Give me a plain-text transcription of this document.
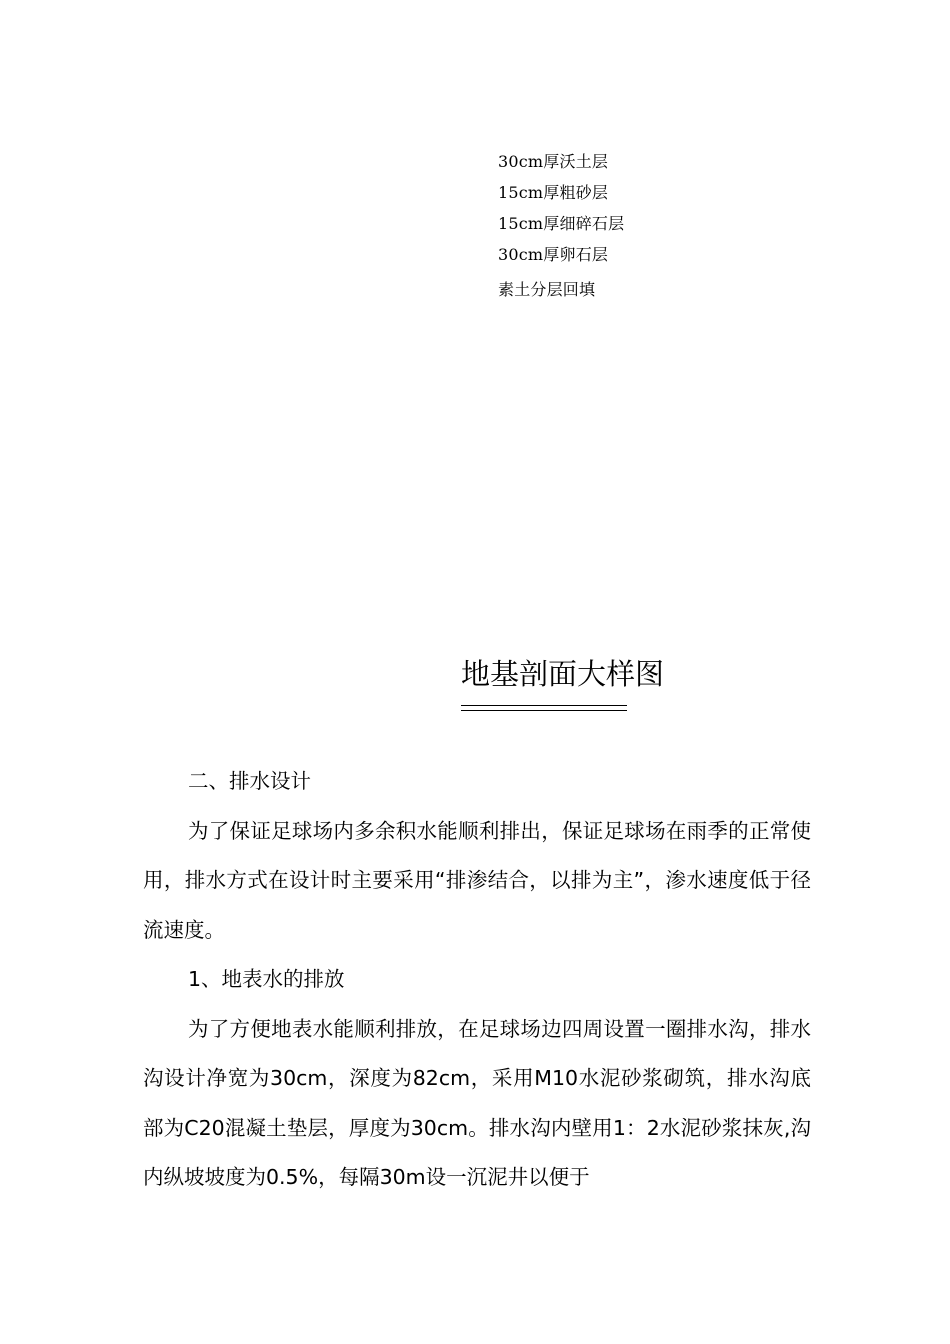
30cm厚沃土层
15cm厚粗砂层
15cm厚细碎石层
30cm厚卵石层
素土分层回填
地基剖面大样图
二、排水设计

为了保证足球场内多余积水能顺利排出，保证足球场在雨季的正常使用，排水方式在设计时主要采用“排渗结合，以排为主”，渗水速度低于径流速度。

1、地表水的排放

为了方便地表水能顺利排放，在足球场边四周设置一圈排水沟，排水沟设计净宽为30cm，深度为82cm，采用M10水泥砂浆砌筑，排水沟底部为C20混凝土垫层，厚度为30cm。排水沟内壁用1：2水泥砂浆抹灰,沟内纵坡坡度为0.5%，每隔30m设一沉泥井以便于
